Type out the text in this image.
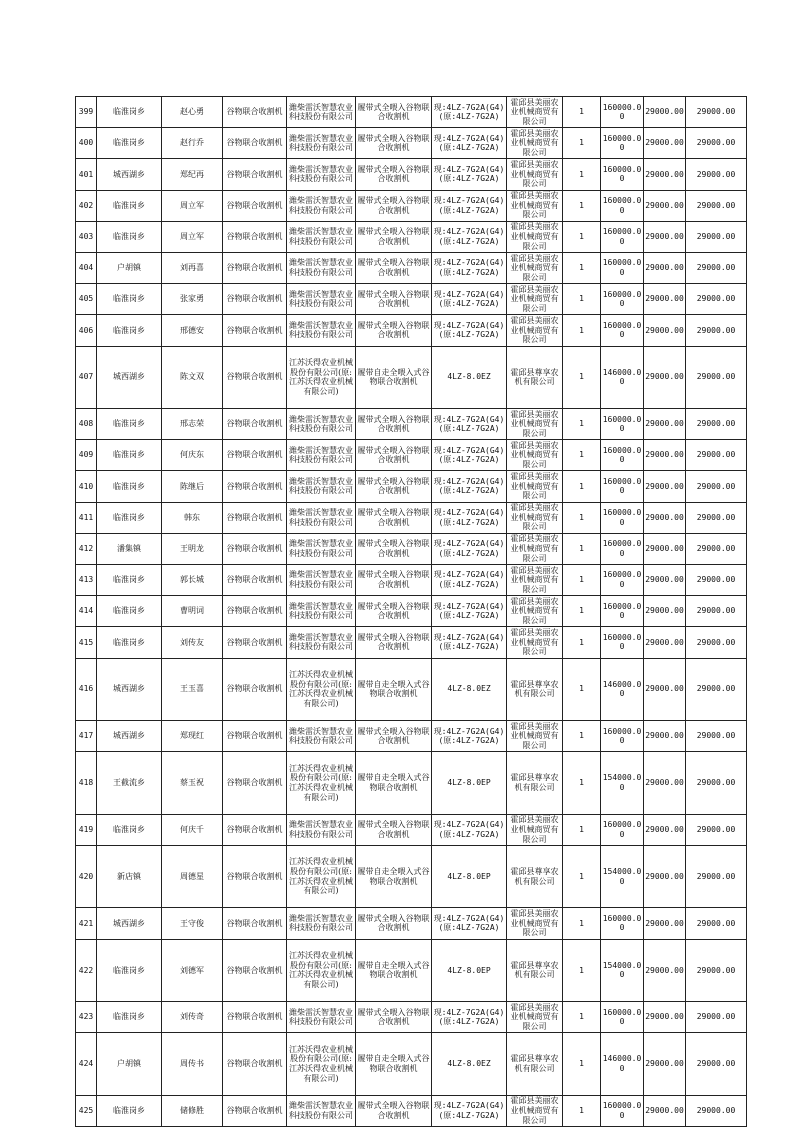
399	临淮岗乡	赵心勇	谷物联合收割机	潍柴雷沃智慧农业科技股份有限公司	履带式全喂入谷物联合收割机	现:4LZ-7G2A(G4)(原:4LZ-7G2A)	霍邱县美丽农业机械商贸有限公司	1	160000.00	29000.00	29000.00
400	临淮岗乡	赵行乔	谷物联合收割机	潍柴雷沃智慧农业科技股份有限公司	履带式全喂入谷物联合收割机	现:4LZ-7G2A(G4)(原:4LZ-7G2A)	霍邱县美丽农业机械商贸有限公司	1	160000.00	29000.00	29000.00
401	城西湖乡	郑纪再	谷物联合收割机	潍柴雷沃智慧农业科技股份有限公司	履带式全喂入谷物联合收割机	现:4LZ-7G2A(G4)(原:4LZ-7G2A)	霍邱县美丽农业机械商贸有限公司	1	160000.00	29000.00	29000.00
402	临淮岗乡	周立军	谷物联合收割机	潍柴雷沃智慧农业科技股份有限公司	履带式全喂入谷物联合收割机	现:4LZ-7G2A(G4)(原:4LZ-7G2A)	霍邱县美丽农业机械商贸有限公司	1	160000.00	29000.00	29000.00
403	临淮岗乡	周立军	谷物联合收割机	潍柴雷沃智慧农业科技股份有限公司	履带式全喂入谷物联合收割机	现:4LZ-7G2A(G4)(原:4LZ-7G2A)	霍邱县美丽农业机械商贸有限公司	1	160000.00	29000.00	29000.00
404	户胡镇	刘再喜	谷物联合收割机	潍柴雷沃智慧农业科技股份有限公司	履带式全喂入谷物联合收割机	现:4LZ-7G2A(G4)(原:4LZ-7G2A)	霍邱县美丽农业机械商贸有限公司	1	160000.00	29000.00	29000.00
405	临淮岗乡	张家勇	谷物联合收割机	潍柴雷沃智慧农业科技股份有限公司	履带式全喂入谷物联合收割机	现:4LZ-7G2A(G4)(原:4LZ-7G2A)	霍邱县美丽农业机械商贸有限公司	1	160000.00	29000.00	29000.00
406	临淮岗乡	邢德安	谷物联合收割机	潍柴雷沃智慧农业科技股份有限公司	履带式全喂入谷物联合收割机	现:4LZ-7G2A(G4)(原:4LZ-7G2A)	霍邱县美丽农业机械商贸有限公司	1	160000.00	29000.00	29000.00
407	城西湖乡	陈文双	谷物联合收割机	江苏沃得农业机械股份有限公司(原:江苏沃得农业机械有限公司)	履带自走全喂入式谷物联合收割机	4LZ-8.0EZ	霍邱县尊享农机有限公司	1	146000.00	29000.00	29000.00
408	临淮岗乡	邢志荣	谷物联合收割机	潍柴雷沃智慧农业科技股份有限公司	履带式全喂入谷物联合收割机	现:4LZ-7G2A(G4)(原:4LZ-7G2A)	霍邱县美丽农业机械商贸有限公司	1	160000.00	29000.00	29000.00
409	临淮岗乡	何庆东	谷物联合收割机	潍柴雷沃智慧农业科技股份有限公司	履带式全喂入谷物联合收割机	现:4LZ-7G2A(G4)(原:4LZ-7G2A)	霍邱县美丽农业机械商贸有限公司	1	160000.00	29000.00	29000.00
410	临淮岗乡	陈继后	谷物联合收割机	潍柴雷沃智慧农业科技股份有限公司	履带式全喂入谷物联合收割机	现:4LZ-7G2A(G4)(原:4LZ-7G2A)	霍邱县美丽农业机械商贸有限公司	1	160000.00	29000.00	29000.00
411	临淮岗乡	韩东	谷物联合收割机	潍柴雷沃智慧农业科技股份有限公司	履带式全喂入谷物联合收割机	现:4LZ-7G2A(G4)(原:4LZ-7G2A)	霍邱县美丽农业机械商贸有限公司	1	160000.00	29000.00	29000.00
412	潘集镇	王明龙	谷物联合收割机	潍柴雷沃智慧农业科技股份有限公司	履带式全喂入谷物联合收割机	现:4LZ-7G2A(G4)(原:4LZ-7G2A)	霍邱县美丽农业机械商贸有限公司	1	160000.00	29000.00	29000.00
413	临淮岗乡	郭长城	谷物联合收割机	潍柴雷沃智慧农业科技股份有限公司	履带式全喂入谷物联合收割机	现:4LZ-7G2A(G4)(原:4LZ-7G2A)	霍邱县美丽农业机械商贸有限公司	1	160000.00	29000.00	29000.00
414	临淮岗乡	曹明词	谷物联合收割机	潍柴雷沃智慧农业科技股份有限公司	履带式全喂入谷物联合收割机	现:4LZ-7G2A(G4)(原:4LZ-7G2A)	霍邱县美丽农业机械商贸有限公司	1	160000.00	29000.00	29000.00
415	临淮岗乡	刘传友	谷物联合收割机	潍柴雷沃智慧农业科技股份有限公司	履带式全喂入谷物联合收割机	现:4LZ-7G2A(G4)(原:4LZ-7G2A)	霍邱县美丽农业机械商贸有限公司	1	160000.00	29000.00	29000.00
416	城西湖乡	王玉喜	谷物联合收割机	江苏沃得农业机械股份有限公司(原:江苏沃得农业机械有限公司)	履带自走全喂入式谷物联合收割机	4LZ-8.0EZ	霍邱县尊享农机有限公司	1	146000.00	29000.00	29000.00
417	城西湖乡	郑现红	谷物联合收割机	潍柴雷沃智慧农业科技股份有限公司	履带式全喂入谷物联合收割机	现:4LZ-7G2A(G4)(原:4LZ-7G2A)	霍邱县美丽农业机械商贸有限公司	1	160000.00	29000.00	29000.00
418	王截流乡	蔡玉祝	谷物联合收割机	江苏沃得农业机械股份有限公司(原:江苏沃得农业机械有限公司)	履带自走全喂入式谷物联合收割机	4LZ-8.0EP	霍邱县尊享农机有限公司	1	154000.00	29000.00	29000.00
419	临淮岗乡	何庆千	谷物联合收割机	潍柴雷沃智慧农业科技股份有限公司	履带式全喂入谷物联合收割机	现:4LZ-7G2A(G4)(原:4LZ-7G2A)	霍邱县美丽农业机械商贸有限公司	1	160000.00	29000.00	29000.00
420	新店镇	周德星	谷物联合收割机	江苏沃得农业机械股份有限公司(原:江苏沃得农业机械有限公司)	履带自走全喂入式谷物联合收割机	4LZ-8.0EP	霍邱县尊享农机有限公司	1	154000.00	29000.00	29000.00
421	城西湖乡	王守俊	谷物联合收割机	潍柴雷沃智慧农业科技股份有限公司	履带式全喂入谷物联合收割机	现:4LZ-7G2A(G4)(原:4LZ-7G2A)	霍邱县美丽农业机械商贸有限公司	1	160000.00	29000.00	29000.00
422	临淮岗乡	刘德军	谷物联合收割机	江苏沃得农业机械股份有限公司(原:江苏沃得农业机械有限公司)	履带自走全喂入式谷物联合收割机	4LZ-8.0EP	霍邱县尊享农机有限公司	1	154000.00	29000.00	29000.00
423	临淮岗乡	刘传奇	谷物联合收割机	潍柴雷沃智慧农业科技股份有限公司	履带式全喂入谷物联合收割机	现:4LZ-7G2A(G4)(原:4LZ-7G2A)	霍邱县美丽农业机械商贸有限公司	1	160000.00	29000.00	29000.00
424	户胡镇	周传书	谷物联合收割机	江苏沃得农业机械股份有限公司(原:江苏沃得农业机械有限公司)	履带自走全喂入式谷物联合收割机	4LZ-8.0EZ	霍邱县尊享农机有限公司	1	146000.00	29000.00	29000.00
425	临淮岗乡	储修胜	谷物联合收割机	潍柴雷沃智慧农业科技股份有限公司	履带式全喂入谷物联合收割机	现:4LZ-7G2A(G4)(原:4LZ-7G2A)	霍邱县美丽农业机械商贸有限公司	1	160000.00	29000.00	29000.00
